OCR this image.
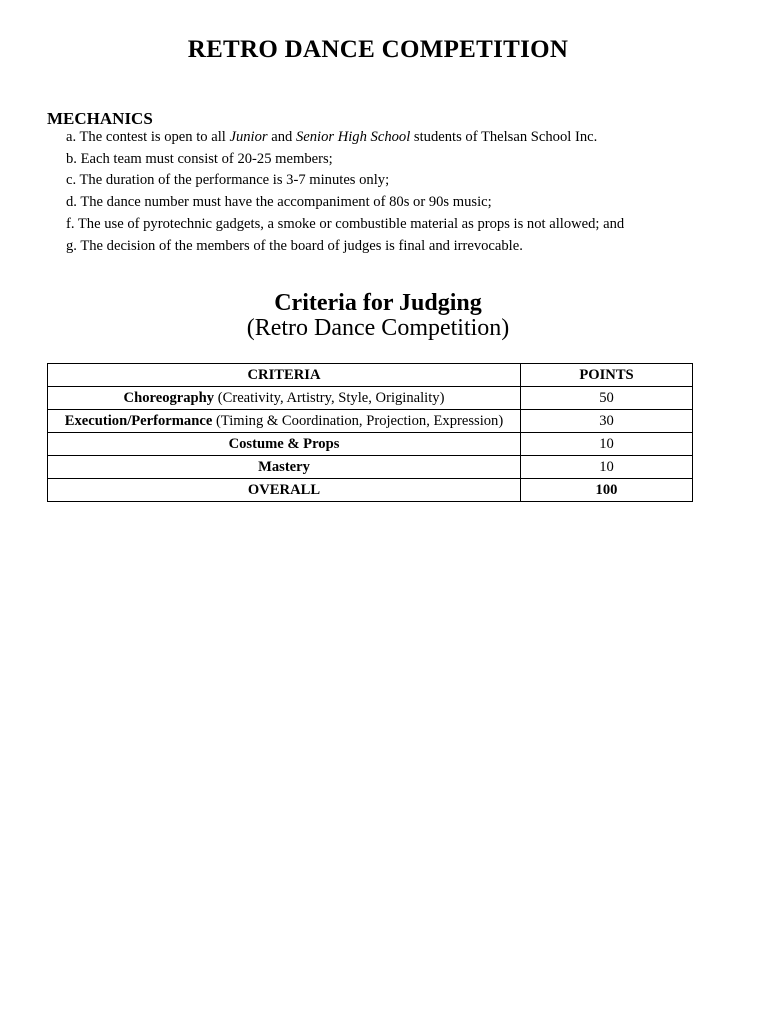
RETRO DANCE COMPETITION
MECHANICS
a. The contest is open to all Junior and Senior High School students of Thelsan School Inc.
b. Each team must consist of 20-25 members;
c. The duration of the performance is 3-7 minutes only;
d. The dance number must have the accompaniment of 80s or 90s music;
f. The use of pyrotechnic gadgets, a smoke or combustible material as props is not allowed; and
g. The decision of the members of the board of judges is final and irrevocable.
Criteria for Judging
(Retro Dance Competition)
CRITERIA	POINTS
Choreography (Creativity, Artistry, Style, Originality)	50
Execution/Performance (Timing & Coordination, Projection, Expression)	30
Costume & Props	10
Mastery	10
OVERALL	100
